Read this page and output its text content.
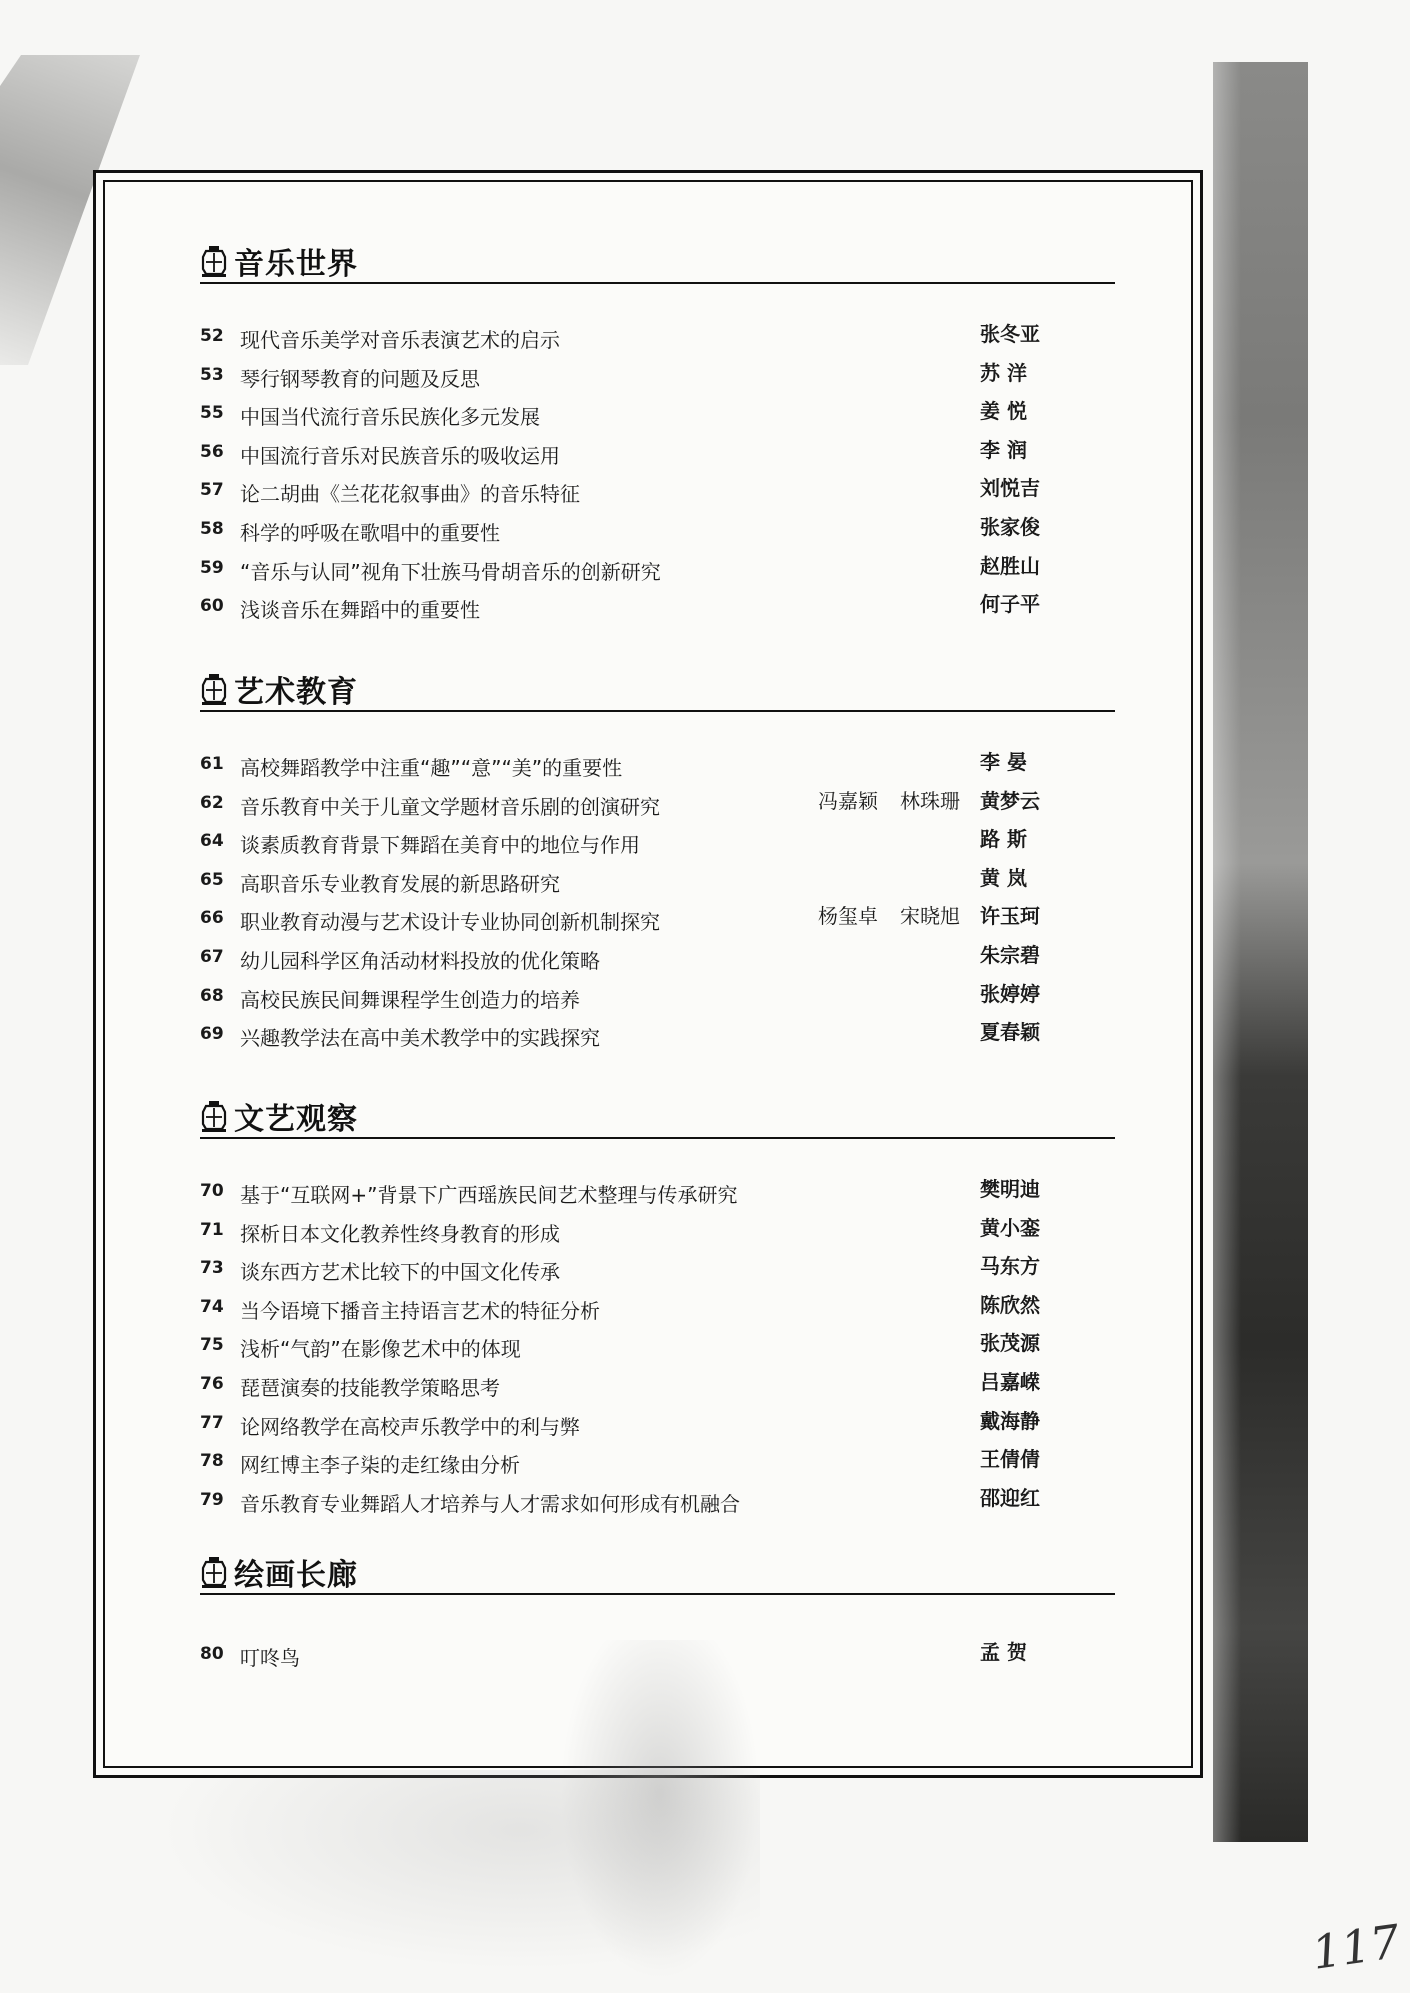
音乐世界
52 现代音乐美学对音乐表演艺术的启示	张冬亚
53 琴行钢琴教育的问题及反思	苏 洋
55 中国当代流行音乐民族化多元发展	姜 悦
56 中国流行音乐对民族音乐的吸收运用	李 润
57 论二胡曲《兰花花叙事曲》的音乐特征	刘悦吉
58 科学的呼吸在歌唱中的重要性	张家俊
59 “音乐与认同”视角下壮族马骨胡音乐的创新研究	赵胜山
60 浅谈音乐在舞蹈中的重要性	何子平
艺术教育
61 高校舞蹈教学中注重“趣”“意”“美”的重要性	李 晏
62 音乐教育中关于儿童文学题材音乐剧的创演研究	冯嘉颖 林珠珊 黄梦云
64 谈素质教育背景下舞蹈在美育中的地位与作用	路 斯
65 高职音乐专业教育发展的新思路研究	黄 岚
66 职业教育动漫与艺术设计专业协同创新机制探究	杨玺卓 宋晓旭 许玉珂
67 幼儿园科学区角活动材料投放的优化策略	朱宗碧
68 高校民族民间舞课程学生创造力的培养	张婷婷
69 兴趣教学法在高中美术教学中的实践探究	夏春颖
文艺观察
70 基于“互联网+”背景下广西瑶族民间艺术整理与传承研究	樊明迪
71 探析日本文化教养性终身教育的形成	黄小銮
73 谈东西方艺术比较下的中国文化传承	马东方
74 当今语境下播音主持语言艺术的特征分析	陈欣然
75 浅析“气韵”在影像艺术中的体现	张茂源
76 琵琶演奏的技能教学策略思考	吕嘉嵘
77 论网络教学在高校声乐教学中的利与弊	戴海静
78 网红博主李子柒的走红缘由分析	王倩倩
79 音乐教育专业舞蹈人才培养与人才需求如何形成有机融合	邵迎红
绘画长廊
80 叮咚鸟	孟 贺
117
